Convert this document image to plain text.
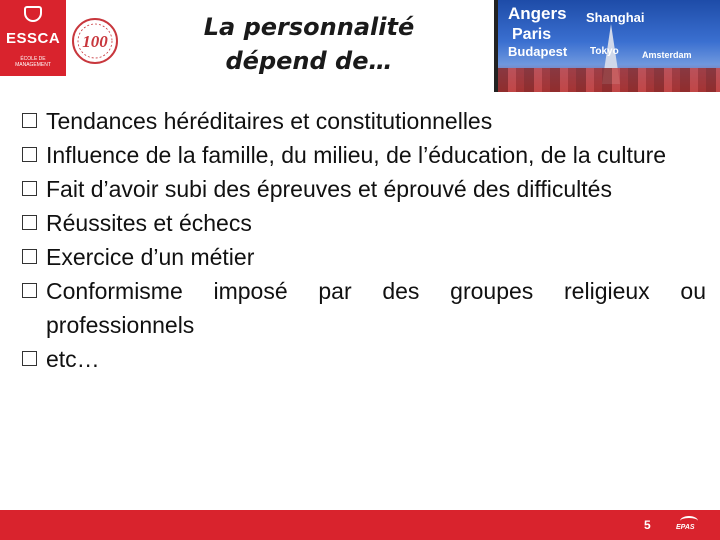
ESSCA
ÉCOLE DE MANAGEMENT
100
La personnalité
dépend de…
Angers Shanghai
Paris
Budapest Tokyo	Amsterdam
Tendances héréditaires et constitutionnelles
Influence de la famille, du milieu, de l’éducation, de la culture
Fait d’avoir subi des épreuves et éprouvé des difficultés
Réussites et échecs
Exercice d’un métier
Conformisme imposé par des groupes religieux ou professionnels
etc…
5	EPAS
